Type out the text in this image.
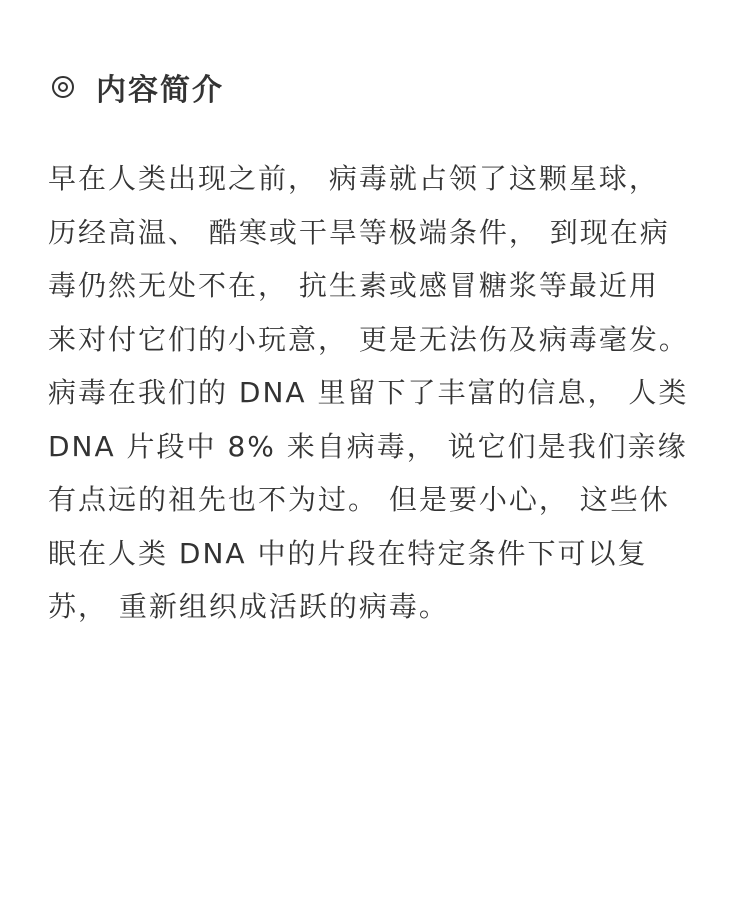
内容简介
早在人类出现之前， 病毒就占领了这颗星球，
历经高温、 酷寒或干旱等极端条件， 到现在病
毒仍然无处不在， 抗生素或感冒糖浆等最近用
来对付它们的小玩意， 更是无法伤及病毒毫发。
病毒在我们的 DNA 里留下了丰富的信息， 人类
DNA 片段中 8% 来自病毒， 说它们是我们亲缘
有点远的祖先也不为过。 但是要小心， 这些休
眠在人类 DNA 中的片段在特定条件下可以复
苏， 重新组织成活跃的病毒。
